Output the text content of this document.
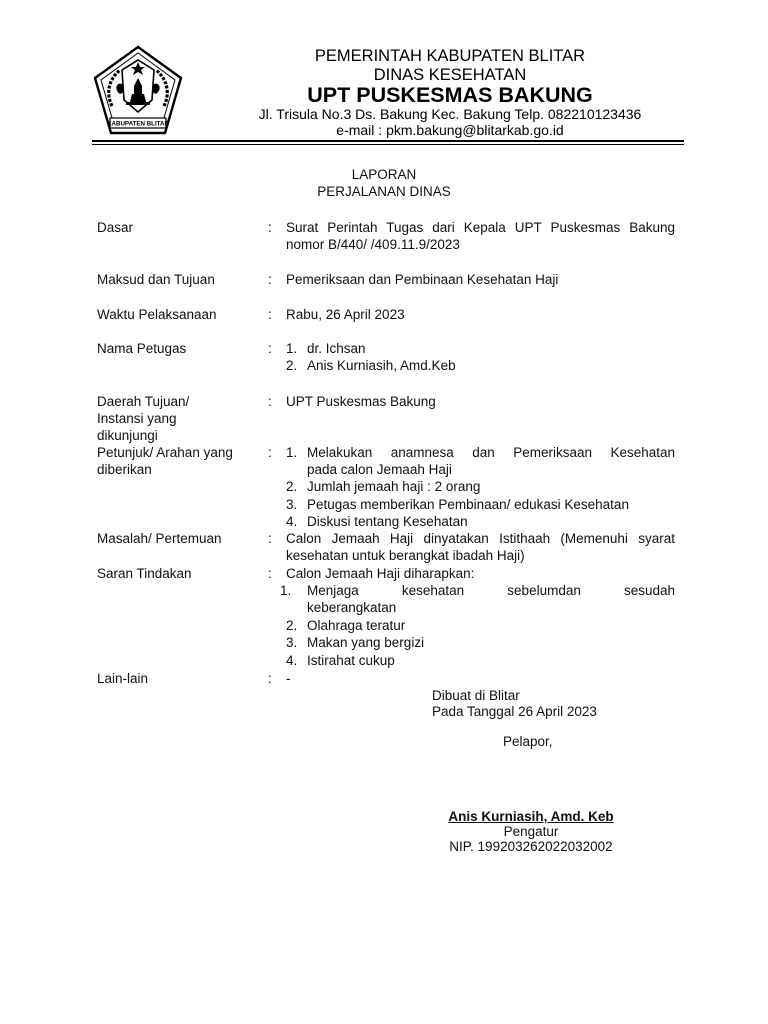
KABUPATEN BLITAR
PEMERINTAH KABUPATEN BLITAR
DINAS KESEHATAN
UPT PUSKESMAS BAKUNG
Jl. Trisula No.3 Ds. Bakung Kec. Bakung Telp. 082210123436
e-mail : pkm.bakung@blitarkab.go.id
LAPORAN
PERJALANAN DINAS
Dasar	:	Surat Perintah Tugas dari Kepala UPT Puskesmas Bakung nomor B/440/ /409.11.9/2023
Maksud dan Tujuan	:	Pemeriksaan dan Pembinaan Kesehatan Haji
Waktu Pelaksanaan	:	Rabu, 26 April 2023
Nama Petugas	:	1. dr. Ichsan
2. Anis Kurniasih, Amd.Keb
Daerah Tujuan/
Instansi yang
dikunjungi
:	UPT Puskesmas Bakung
Petunjuk/ Arahan yang
diberikan
:	1. Melakukan anamnesa dan Pemeriksaan Kesehatan
pada calon Jemaah Haji
2. Jumlah jemaah haji : 2 orang
3. Petugas memberikan Pembinaan/ edukasi Kesehatan
4. Diskusi tentang Kesehatan
Masalah/ Pertemuan	:	Calon Jemaah Haji dinyatakan Istithaah (Memenuhi syarat kesehatan untuk berangkat ibadah Haji)
Saran Tindakan	:	Calon Jemaah Haji diharapkan:
1.	Menjaga	kesehatan	sebelumdan	sesudah
keberangkatan
2. Olahraga teratur
3. Makan yang bergizi
4. Istirahat cukup
Lain-lain	:	-
Dibuat di Blitar
Pada Tanggal 26 April 2023
Pelapor,
Anis Kurniasih, Amd. Keb
Pengatur
NIP. 199203262022032002
